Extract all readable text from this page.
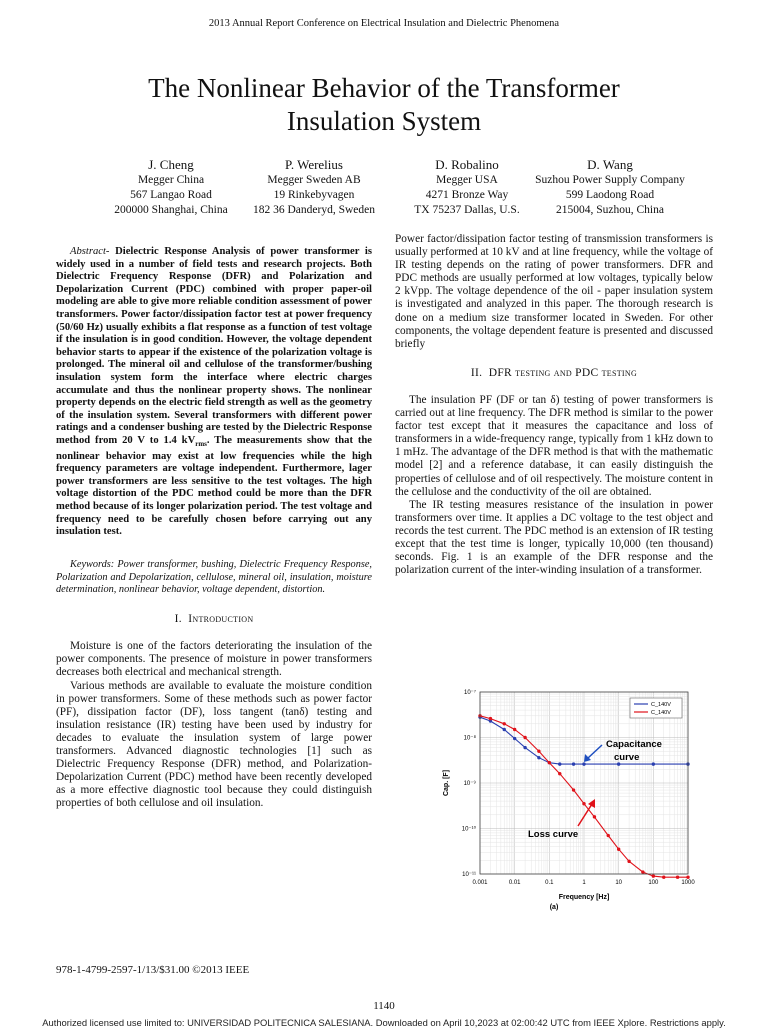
2013 Annual Report Conference on Electrical Insulation and Dielectric Phenomena
The Nonlinear Behavior of the Transformer
Insulation System
J. Cheng
Megger China
567 Langao Road
200000 Shanghai, China
P. Werelius
Megger Sweden AB
19 Rinkebyvagen
182 36 Danderyd, Sweden
D. Robalino
Megger USA
4271 Bronze Way
TX 75237 Dallas, U.S.
D. Wang
Suzhou Power Supply Company
599 Laodong Road
215004, Suzhou, China

Abstract- Dielectric Response Analysis of power transformer is widely used in a number of field tests and research projects. Both Dielectric Frequency Response (DFR) and Polarization and Depolarization Current (PDC) combined with proper paper-oil modeling are able to give more reliable condition assessment of power transformers. Power factor/dissipation factor test at power frequency (50/60 Hz) usually exhibits a flat response as a function of test voltage if the insulation is in good condition. However, the voltage dependent behavior starts to appear if the existence of the polarization voltage is prolonged. The mineral oil and cellulose of the transformer/bushing insulation system form the interface where electric charges accumulate and thus the nonlinear property shows. The nonlinear property depends on the electric field strength as well as the geometry of the insulation system. Several transformers with different power ratings and a condenser bushing are tested by the Dielectric Response method from 20 V to 1.4 $kV_{rms}$. The measurements show that the nonlinear behavior may exist at low frequencies while the high frequency parameters are voltage independent. Furthermore, lager power transformers are less sensitive to the test voltages. The high voltage distortion of the PDC method could be more than the DFR method because of its longer polarization period. The test voltage and frequency need to be carefully chosen before carrying out any insulation test.

Keywords: Power transformer, bushing, Dielectric Frequency Response, Polarization and Depolarization, cellulose, mineral oil, insulation, moisture determination, nonlinear behavior, voltage dependent, distortion.

I. Introduction

Moisture is one of the factors deteriorating the insulation of the power components. The presence of moisture in power transformers decreases both electrical and mechanical strength.

Various methods are available to evaluate the moisture condition in power transformers. Some of these methods such as power factor (PF), dissipation factor (DF), loss tangent (tanδ) testing and insulation resistance (IR) testing have been used by industry for decades to evaluate the insulation system of large power transformers. Advanced diagnostic technologies [1] such as Dielectric Frequency Response (DFR) method, and Polarization-Depolarization Current (PDC) method have been recently developed as a more effective diagnostic tool because they could distinguish properties of both cellulose and oil insulation.

Power factor/dissipation factor testing of transmission transformers is usually performed at 10 kV and at line frequency, while the voltage of IR testing depends on the rating of power transformers. DFR and PDC methods are usually performed at low voltages, typically below 2 kVpp. The voltage dependence of the oil - paper insulation system is investigated and analyzed in this paper. The thorough research is done on a medium size transformer located in Sweden. For other components, the voltage dependent feature is presented and discussed briefly

II. DFR testing and PDC testing

The insulation PF (DF or tan δ) testing of power transformers is carried out at line frequency. The DFR method is similar to the power factor test except that it measures the capacitance and loss of transformers in a wide-frequency range, typically from 1 kHz down to 1 mHz. The advantage of the DFR method is that with the mathematic model [2] and a reference database, it can easily distinguish the properties of cellulose and of oil respectively. The moisture content in the cellulose and the conductivity of the oil are obtained.

The IR testing measures resistance of the insulation in power transformers over time. It applies a DC voltage to the test object and records the test current. The PDC method is an extension of IR testing except that the test time is longer, typically 10,000 (ten thousand) seconds. Fig. 1 is an example of the DFR response and the polarization current of the inter-winding insulation of a transformer.

10⁻⁷
10⁻⁸
10⁻⁹
10⁻¹⁰
10⁻¹¹
0.001	0.01	0.1	1	10	100	1000
Cap. [F]
Frequency [Hz]
(a)
C_140V
C_140V
Capacitance
curve
Loss curve
978-1-4799-2597-1/13/$31.00 ©2013 IEEE
1140
Authorized licensed use limited to: UNIVERSIDAD POLITECNICA SALESIANA. Downloaded on April 10,2023 at 02:00:42 UTC from IEEE Xplore. Restrictions apply.
